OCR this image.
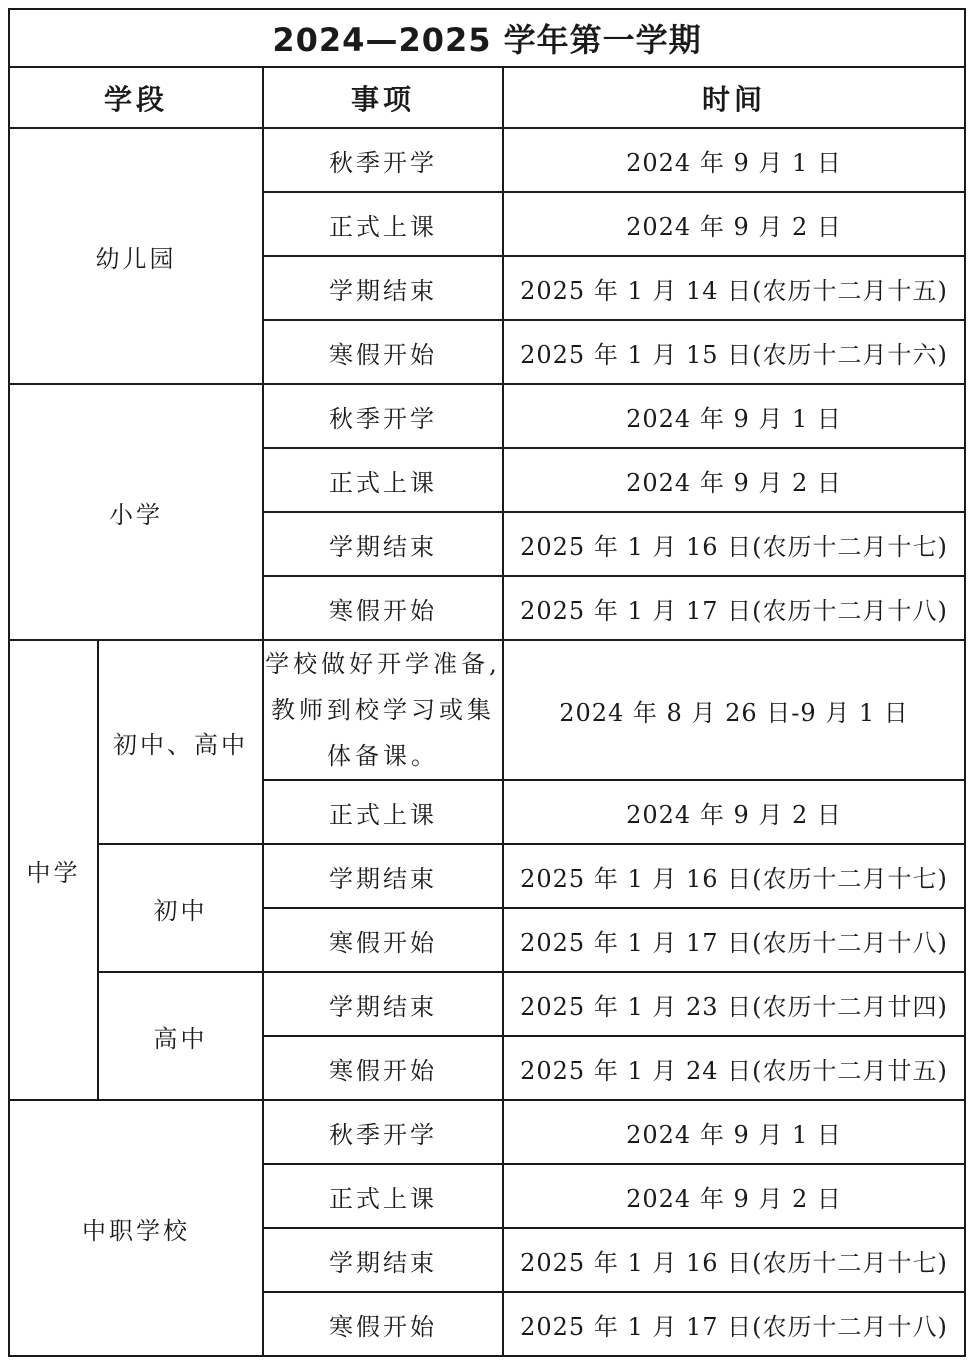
2024—2025 学年第一学期			
学段		事项	时间
幼儿园		秋季开学	2024 年 9 月 1 日
		正式上课	2024 年 9 月 2 日
		学期结束	2025 年 1 月 14 日(农历十二月十五)
		寒假开始	2025 年 1 月 15 日(农历十二月十六)
小学		秋季开学	2024 年 9 月 1 日
		正式上课	2024 年 9 月 2 日
		学期结束	2025 年 1 月 16 日(农历十二月十七)
		寒假开始	2025 年 1 月 17 日(农历十二月十八)
中学	初中、高中	学校做好开学准备,教师到校学习或集体备课。	2024 年 8 月 26 日-9 月 1 日
		正式上课	2024 年 9 月 2 日
	初中	学期结束	2025 年 1 月 16 日(农历十二月十七)
		寒假开始	2025 年 1 月 17 日(农历十二月十八)
	高中	学期结束	2025 年 1 月 23 日(农历十二月廿四)
		寒假开始	2025 年 1 月 24 日(农历十二月廿五)
中职学校		秋季开学	2024 年 9 月 1 日
		正式上课	2024 年 9 月 2 日
		学期结束	2025 年 1 月 16 日(农历十二月十七)
		寒假开始	2025 年 1 月 17 日(农历十二月十八)
